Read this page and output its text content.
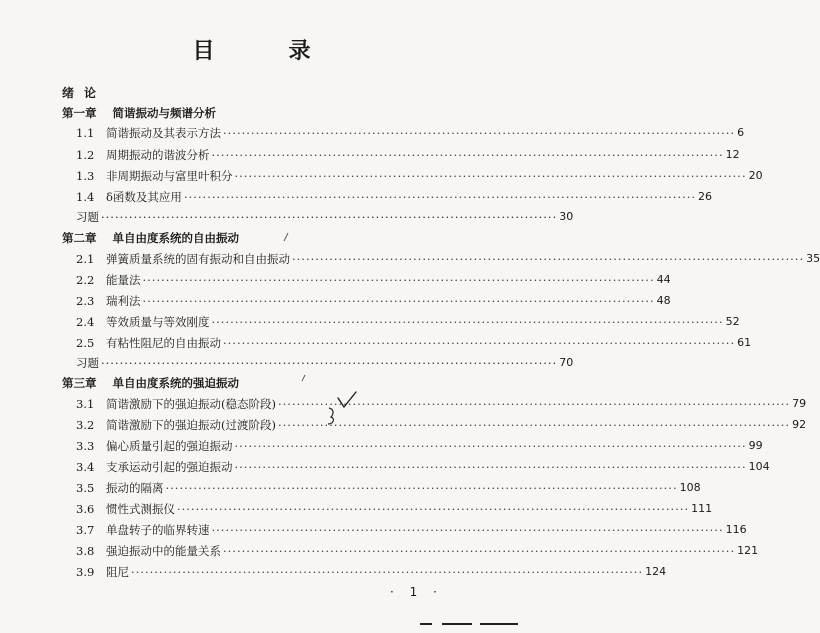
目　录
绪论
第一章 简谐振动与频谱分析
1.1	简谐振动及其表示方法 ·····	6
1.2	周期振动的谐波分析 ·····	12
1.3	非周期振动与富里叶积分 ·····	20
1.4	δ函数及其应用 ·····	26
习题 ·································································································· 30
第二章 单自由度系统的自由振动
2.1	弹簧质量系统的固有振动和自由振动 ·····	35
2.2	能量法 ·····	44
2.3	瑞利法 ·····	48
2.4	等效质量与等效刚度 ·····	52
2.5	有粘性阻尼的自由振动 ·····	61
习题 ·································································································· 70
第三章 单自由度系统的强迫振动
3.1	简谐激励下的强迫振动(稳态阶段) ·····	79
3.2	简谐激励下的强迫振动(过渡阶段) ·····	92
3.3	偏心质量引起的强迫振动 ·····	99
3.4	支承运动引起的强迫振动 ·····	104
3.5	振动的隔离 ·····	108
3.6	惯性式测振仪 ·····	111
3.7	单盘转子的临界转速 ·····	116
3.8	强迫振动中的能量关系 ·····	121
3.9	阻尼 ·····	124
· 1 ·
